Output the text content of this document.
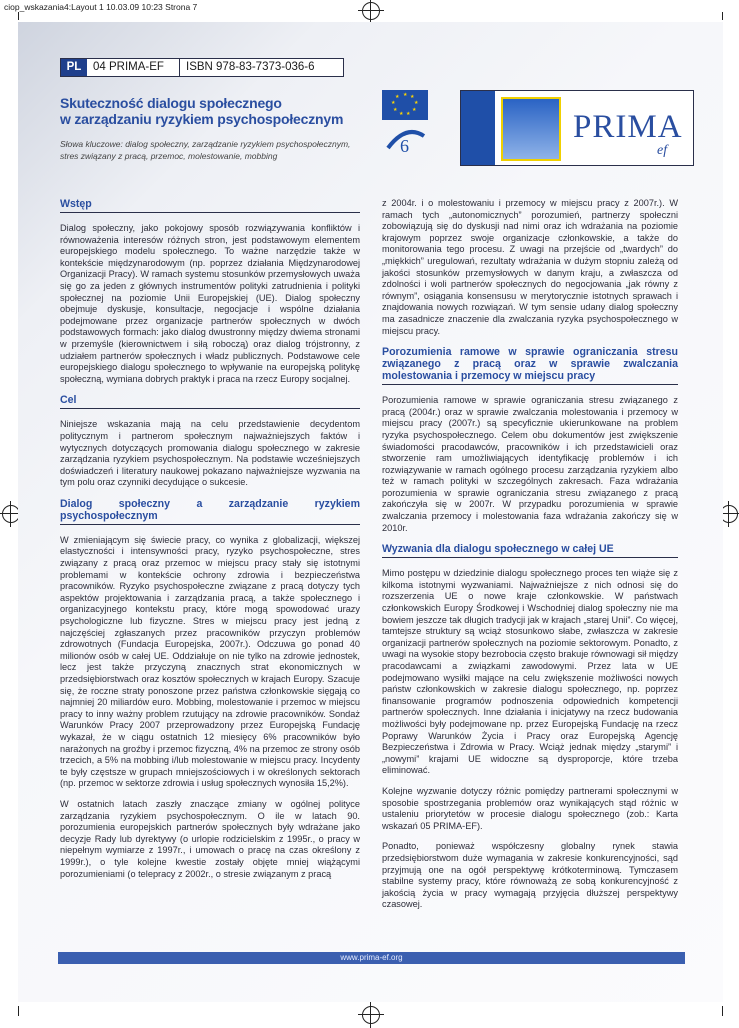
ciop_wskazania4:Layout 1 10.03.09 10:23 Strona 7
PL	04 PRIMA-EF	ISBN 978-83-7373-036-6
Skuteczność dialogu społecznego
w zarządzaniu ryzykiem psychospołecznym
Słowa kluczowe: dialog społeczny, zarządzanie ryzykiem psychospołecznym,
stres związany z pracą, przemoc, molestowanie, mobbing
★ ★
★
★
★
★
★
★
★
6
PRIMA
ef
Wstęp

Dialog społeczny, jako pokojowy sposób rozwiązywania konfliktów i równoważenia interesów różnych stron, jest podstawowym elementem europejskiego modelu społecznego. To ważne narzędzie także w kontekście międzynarodowym (np. poprzez działania Międzynarodowej Organizacji Pracy). W ramach systemu stosunków przemysłowych uważa się go za jeden z głównych instrumentów polityki zatrudnienia i polityki społecznej na poziomie Unii Europejskiej (UE). Dialog społeczny obejmuje dyskusje, konsultacje, negocjacje i wspólne działania podejmowane przez organizacje partnerów społecznych w dwóch podstawowych formach: jako dialog dwustronny między dwiema stronami w przemyśle (kierownictwem i siłą roboczą) oraz dialog trójstronny, z udziałem partnerów społecznych i władz publicznych. Podstawowe cele europejskiego dialogu społecznego to wpływanie na europejską politykę społeczną, wymiana dobrych praktyk i praca na rzecz Europy socjalnej.

Cel

Niniejsze wskazania mają na celu przedstawienie decydentom politycznym i partnerom społecznym najważniejszych faktów i wytycznych dotyczących promowania dialogu społecznego w zakresie zarządzania ryzykiem psychospołecznym. Na podstawie wcześniejszych doświadczeń i literatury naukowej pokazano najważniejsze wyzwania na tym polu oraz czynniki decydujące o sukcesie.

Dialog społeczny a zarządzanie ryzykiem psychospołecznym

W zmieniającym się świecie pracy, co wynika z globalizacji, większej elastyczności i intensywności pracy, ryzyko psychospołeczne, stres związany z pracą oraz przemoc w miejscu pracy stały się istotnymi problemami w kontekście ochrony zdrowia i bezpieczeństwa pracowników. Ryzyko psychospołeczne związane z pracą dotyczy tych aspektów projektowania i zarządzania pracą, a także społecznego i organizacyjnego kontekstu pracy, które mogą spowodować urazy psychologiczne lub fizyczne. Stres w miejscu pracy jest jedną z najczęściej zgłaszanych przez pracowników przyczyn problemów zdrowotnych (Fundacja Europejska, 2007r.). Odczuwa go ponad 40 milionów osób w całej UE. Oddziałuje on nie tylko na zdrowie jednostek, lecz jest także przyczyną znacznych strat ekonomicznych w przedsiębiorstwach oraz kosztów społecznych w krajach Europy. Szacuje się, że roczne straty ponoszone przez państwa członkowskie sięgają co najmniej 20 miliardów euro. Mobbing, molestowanie i przemoc w miejscu pracy to inny ważny problem rzutujący na zdrowie pracowników. Sondaż Warunków Pracy 2007 przeprowadzony przez Europejską Fundację wykazał, że w ciągu ostatnich 12 miesięcy 6% pracowników było narażonych na groźby i przemoc fizyczną, 4% na przemoc ze strony osób trzecich, a 5% na mobbing i/lub molestowanie w miejscu pracy. Incydenty te były częstsze w grupach mniejszościowych i w określonych sektorach (np. przemoc w sektorze zdrowia i usług społecznych wynosiła 15,2%).

W ostatnich latach zaszły znaczące zmiany w ogólnej polityce zarządzania ryzykiem psychospołecznym. O ile w latach 90. porozumienia europejskich partnerów społecznych były wdrażane jako decyzje Rady lub dyrektywy (o urlopie rodzicielskim z 1995r., o pracy w niepełnym wymiarze z 1997r., i umowach o pracę na czas określony z 1999r.), o tyle kolejne kwestie zostały objęte mniej wiążącymi porozumieniami (o telepracy z 2002r., o stresie związanym z pracą

z 2004r. i o molestowaniu i przemocy w miejscu pracy z 2007r.). W ramach tych „autonomicznych” porozumień, partnerzy społeczni zobowiązują się do dyskusji nad nimi oraz ich wdrażania na poziomie krajowym poprzez swoje organizacje członkowskie, a także do monitorowania tego procesu. Z uwagi na przejście od „twardych” do „miękkich” uregulowań, rezultaty wdrażania w dużym stopniu zależą od jakości stosunków przemysłowych w danym kraju, a zwłaszcza od zdolności i woli partnerów społecznych do negocjowania „jak równy z równym”, osiągania konsensusu w merytorycznie istotnych sprawach i znajdowania nowych rozwiązań. W tym sensie udany dialog społeczny ma zasadnicze znaczenie dla zwalczania ryzyka psychospołecznego w miejscu pracy.

Porozumienia ramowe w sprawie ograniczania stresu związanego z pracą oraz w sprawie zwalczania molestowania i przemocy w miejscu pracy

Porozumienia ramowe w sprawie ograniczania stresu związanego z pracą (2004r.) oraz w sprawie zwalczania molestowania i przemocy w miejscu pracy (2007r.) są specyficznie ukierunkowane na problem ryzyka psychospołecznego. Celem obu dokumentów jest zwiększenie świadomości pracodawców, pracowników i ich przedstawicieli oraz stworzenie ram umożliwiających identyfikację problemów i ich rozwiązywanie w ramach ogólnego procesu zarządzania ryzykiem albo też w ramach polityki w szczególnych zakresach. Faza wdrażania porozumienia w sprawie ograniczania stresu związanego z pracą zakończyła się w 2007r. W przypadku porozumienia w sprawie zwalczania przemocy i molestowania faza wdrażania zakończy się w 2010r.

Wyzwania dla dialogu społecznego w całej UE

Mimo postępu w dziedzinie dialogu społecznego proces ten wiąże się z kilkoma istotnymi wyzwaniami. Najważniejsze z nich odnosi się do rozszerzenia UE o nowe kraje członkowskie. W państwach członkowskich Europy Środkowej i Wschodniej dialog społeczny nie ma bowiem jeszcze tak długich tradycji jak w krajach „starej Unii”. Co więcej, tamtejsze struktury są wciąż stosunkowo słabe, zwłaszcza w zakresie organizacji partnerów społecznych na poziomie sektorowym. Ponadto, z uwagi na wysokie stopy bezrobocia często brakuje równowagi sił między pracodawcami a związkami zawodowymi. Przez lata w UE podejmowano wysiłki mające na celu zwiększenie możliwości nowych państw członkowskich w zakresie dialogu społecznego, np. poprzez finansowanie programów podnoszenia odpowiednich kompetencji partnerów społecznych. Inne działania i inicjatywy na rzecz budowania możliwości były podejmowane np. przez Europejską Fundację na rzecz Poprawy Warunków Życia i Pracy oraz Europejską Agencję Bezpieczeństwa i Zdrowia w Pracy. Wciąż jednak między „starymi” i „nowymi” krajami UE widoczne są dysproporcje, które trzeba eliminować.

Kolejne wyzwanie dotyczy różnic pomiędzy partnerami społecznymi w sposobie spostrzegania problemów oraz wynikających stąd różnic w ustaleniu priorytetów w procesie dialogu społecznego (zob.: Karta wskazań 05 PRIMA-EF).

Ponadto, ponieważ współczesny globalny rynek stawia przedsiębiorstwom duże wymagania w zakresie konkurencyjności, sąd przyjmują one na ogół perspektywę krótkoterminową. Tymczasem stabilne systemy pracy, które równoważą ze sobą konkurencyjność z jakością życia w pracy wymagają przyjęcia dłuższej perspektywy czasowej.

www.prima-ef.org
